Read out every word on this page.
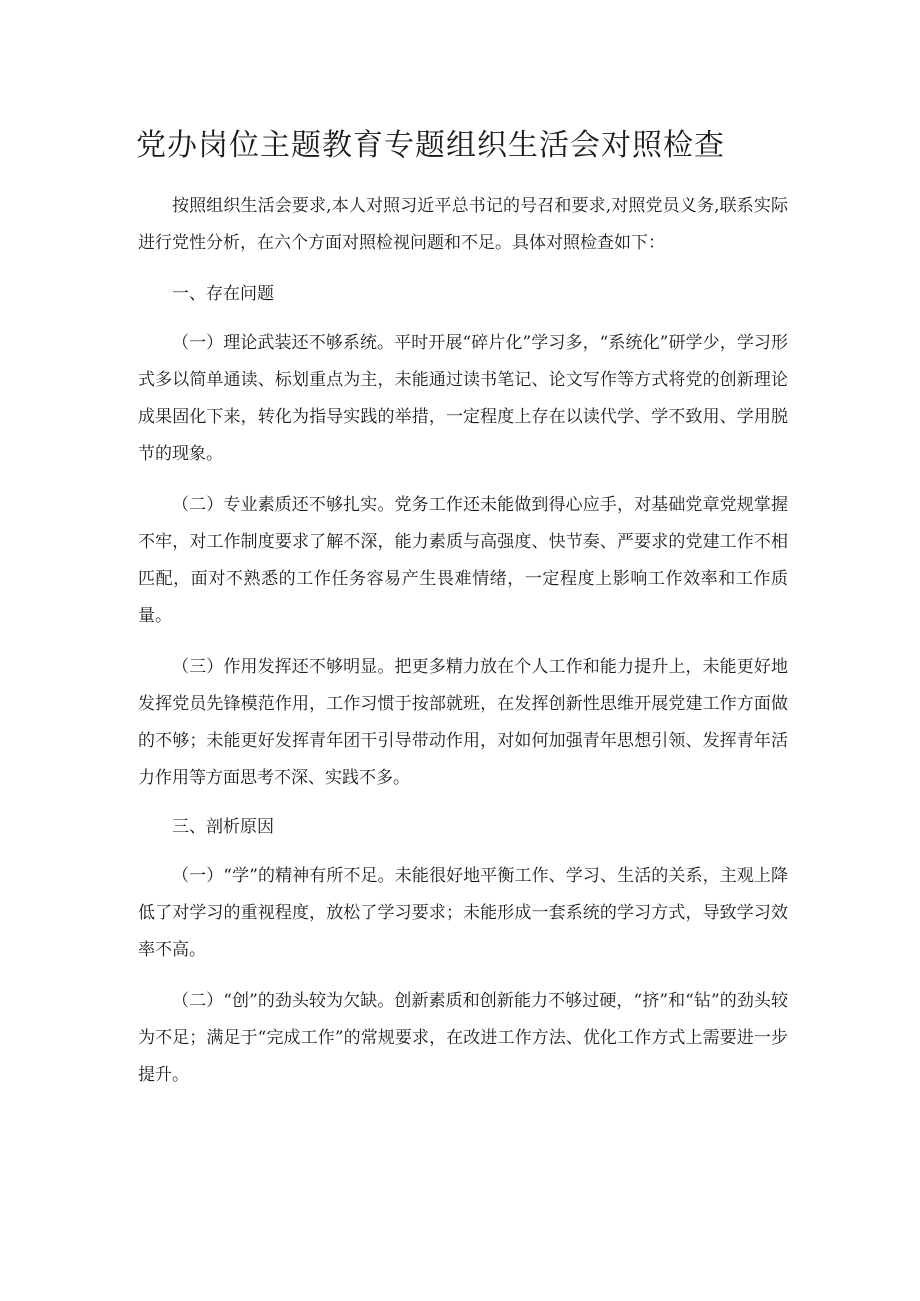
党办岗位主题教育专题组织生活会对照检查

按照组织生活会要求,本人对照习近平总书记的号召和要求,对照党员义务,联系实际进行党性分析，在六个方面对照检视问题和不足。具体对照检查如下：

一、存在问题

（一）理论武装还不够系统。平时开展“碎片化”学习多，“系统化”研学少，学习形式多以简单通读、标划重点为主，未能通过读书笔记、论文写作等方式将党的创新理论成果固化下来，转化为指导实践的举措，一定程度上存在以读代学、学不致用、学用脱节的现象。

（二）专业素质还不够扎实。党务工作还未能做到得心应手，对基础党章党规掌握不牢，对工作制度要求了解不深，能力素质与高强度、快节奏、严要求的党建工作不相匹配，面对不熟悉的工作任务容易产生畏难情绪，一定程度上影响工作效率和工作质量。

（三）作用发挥还不够明显。把更多精力放在个人工作和能力提升上，未能更好地发挥党员先锋模范作用，工作习惯于按部就班，在发挥创新性思维开展党建工作方面做的不够；未能更好发挥青年团干引导带动作用，对如何加强青年思想引领、发挥青年活力作用等方面思考不深、实践不多。

三、剖析原因

（一）“学”的精神有所不足。未能很好地平衡工作、学习、生活的关系，主观上降低了对学习的重视程度，放松了学习要求；未能形成一套系统的学习方式，导致学习效率不高。

（二）“创”的劲头较为欠缺。创新素质和创新能力不够过硬，“挤”和“钻”的劲头较为不足；满足于“完成工作”的常规要求，在改进工作方法、优化工作方式上需要进一步提升。
